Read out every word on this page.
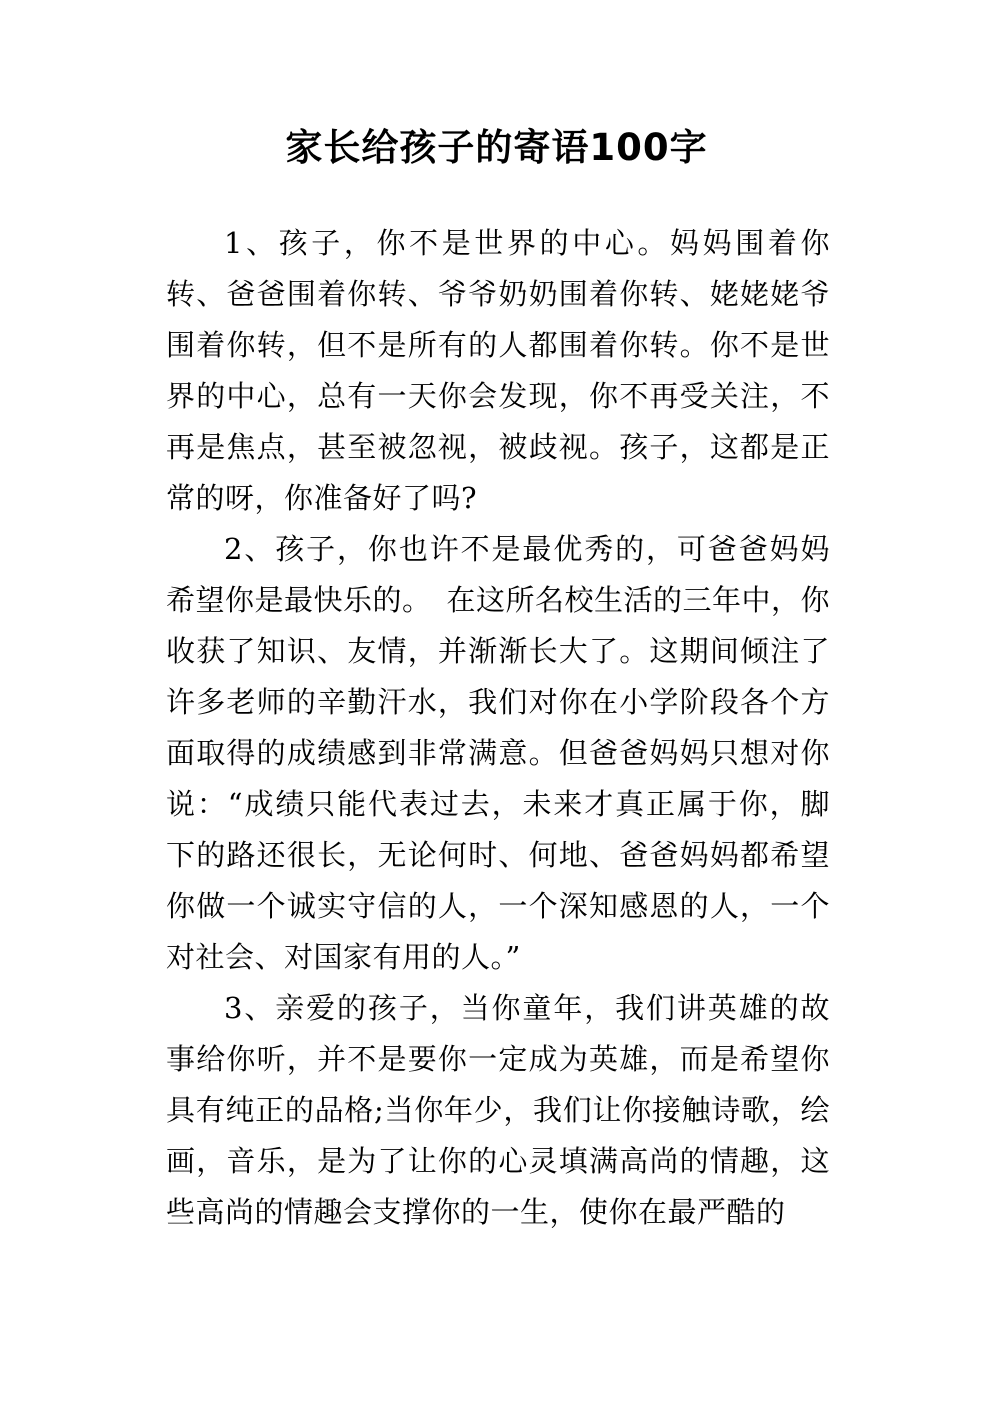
家长给孩子的寄语100字

1、孩子，你不是世界的中心。妈妈围着你转、爸爸围着你转、爷爷奶奶围着你转、姥姥姥爷围着你转，但不是所有的人都围着你转。你不是世界的中心，总有一天你会发现，你不再受关注，不再是焦点，甚至被忽视，被歧视。孩子，这都是正常的呀，你准备好了吗?

2、孩子，你也许不是最优秀的，可爸爸妈妈希望你是最快乐的。　在这所名校生活的三年中，你收获了知识、友情，并渐渐长大了。这期间倾注了许多老师的辛勤汗水，我们对你在小学阶段各个方面取得的成绩感到非常满意。但爸爸妈妈只想对你说：“成绩只能代表过去，未来才真正属于你，脚下的路还很长，无论何时、何地、爸爸妈妈都希望你做一个诚实守信的人，一个深知感恩的人，一个对社会、对国家有用的人。”

3、亲爱的孩子，当你童年，我们讲英雄的故事给你听，并不是要你一定成为英雄，而是希望你具有纯正的品格;当你年少，我们让你接触诗歌，绘画，音乐，是为了让你的心灵填满高尚的情趣，这些高尚的情趣会支撑你的一生，使你在最严酷的
